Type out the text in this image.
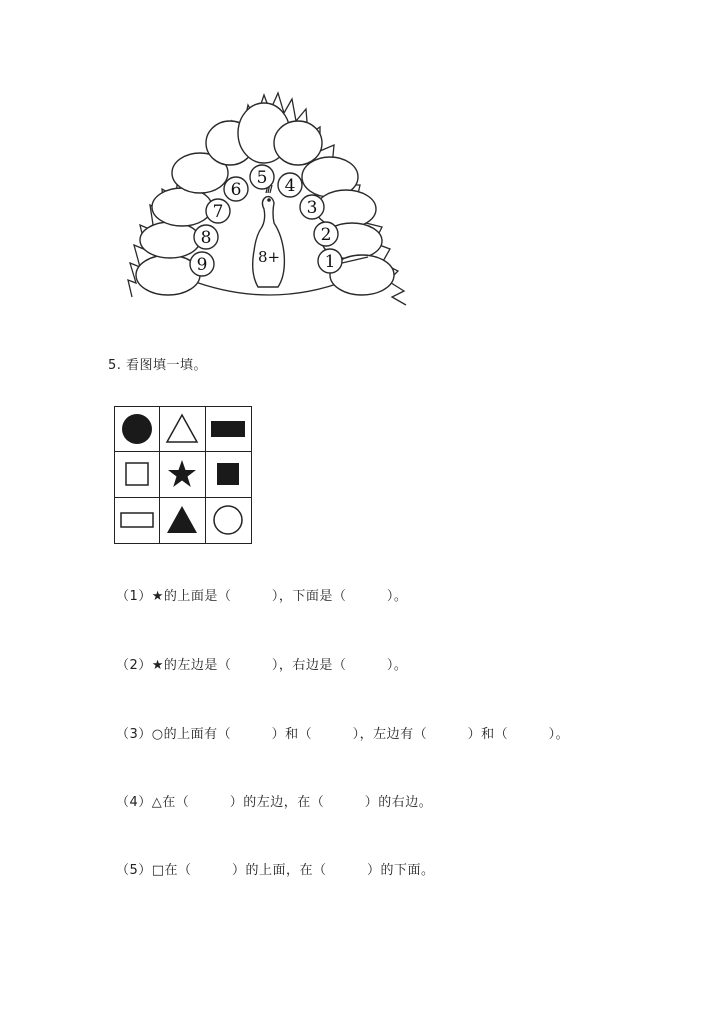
1
2
3
4
5
6
7
8
9	8+
5. 看图填一填。
（1）★的上面是（　　　），下面是（　　　）。
（2）★的左边是（　　　），右边是（　　　）。
（3）○的上面有（　　　）和（　　　），左边有（　　　）和（　　　）。
（4）△在（　　　）的左边，在（　　　）的右边。
（5）□在（　　　）的上面，在（　　　）的下面。
